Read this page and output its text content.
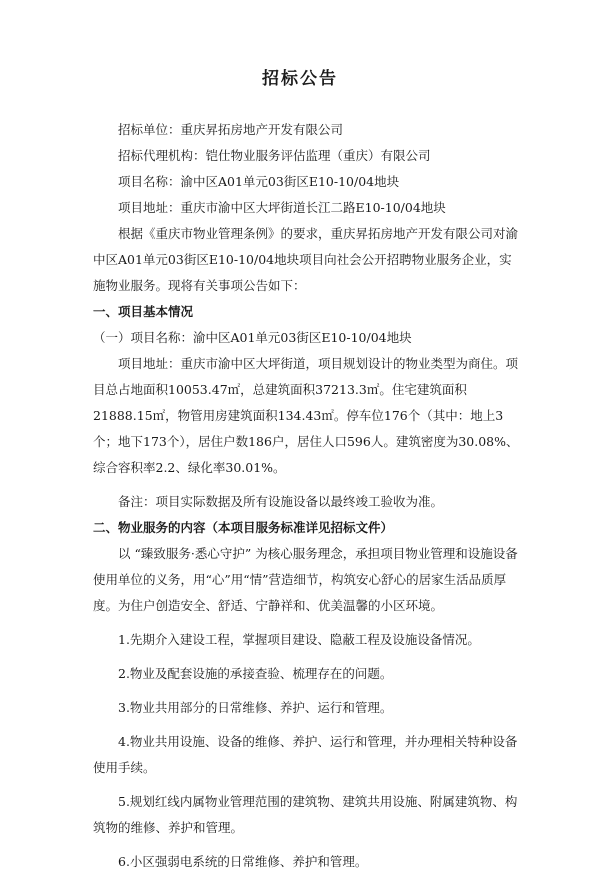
招标公告

招标单位：重庆昇拓房地产开发有限公司

招标代理机构：铠仕物业服务评估监理（重庆）有限公司

项目名称：渝中区A01单元03街区E10-10/04地块

项目地址：重庆市渝中区大坪街道长江二路E10-10/04地块

根据《重庆市物业管理条例》的要求，重庆昇拓房地产开发有限公司对渝中区A01单元03街区E10-10/04地块项目向社会公开招聘物业服务企业，实施物业服务。现将有关事项公告如下：

一、项目基本情况

（一）项目名称：渝中区A01单元03街区E10-10/04地块

项目地址：重庆市渝中区大坪街道，项目规划设计的物业类型为商住。项目总占地面积10053.47㎡，总建筑面积37213.3㎡。住宅建筑面积21888.15㎡，物管用房建筑面积134.43㎡。停车位176个（其中：地上3个；地下173个），居住户数186户，居住人口596人。建筑密度为30.08%、综合容积率2.2、绿化率30.01%。

备注：项目实际数据及所有设施设备以最终竣工验收为准。

二、物业服务的内容（本项目服务标准详见招标文件）

以 “臻致服务·悉心守护” 为核心服务理念，承担项目物业管理和设施设备使用单位的义务，用“心”用“情”营造细节，构筑安心舒心的居家生活品质厚度。为住户创造安全、舒适、宁静祥和、优美温馨的小区环境。

1.先期介入建设工程，掌握项目建设、隐蔽工程及设施设备情况。

2.物业及配套设施的承接查验、梳理存在的问题。

3.物业共用部分的日常维修、养护、运行和管理。

4.物业共用设施、设备的维修、养护、运行和管理，并办理相关特种设备使用手续。

5.规划红线内属物业管理范围的建筑物、建筑共用设施、附属建筑物、构筑物的维修、养护和管理。

6.小区强弱电系统的日常维修、养护和管理。
